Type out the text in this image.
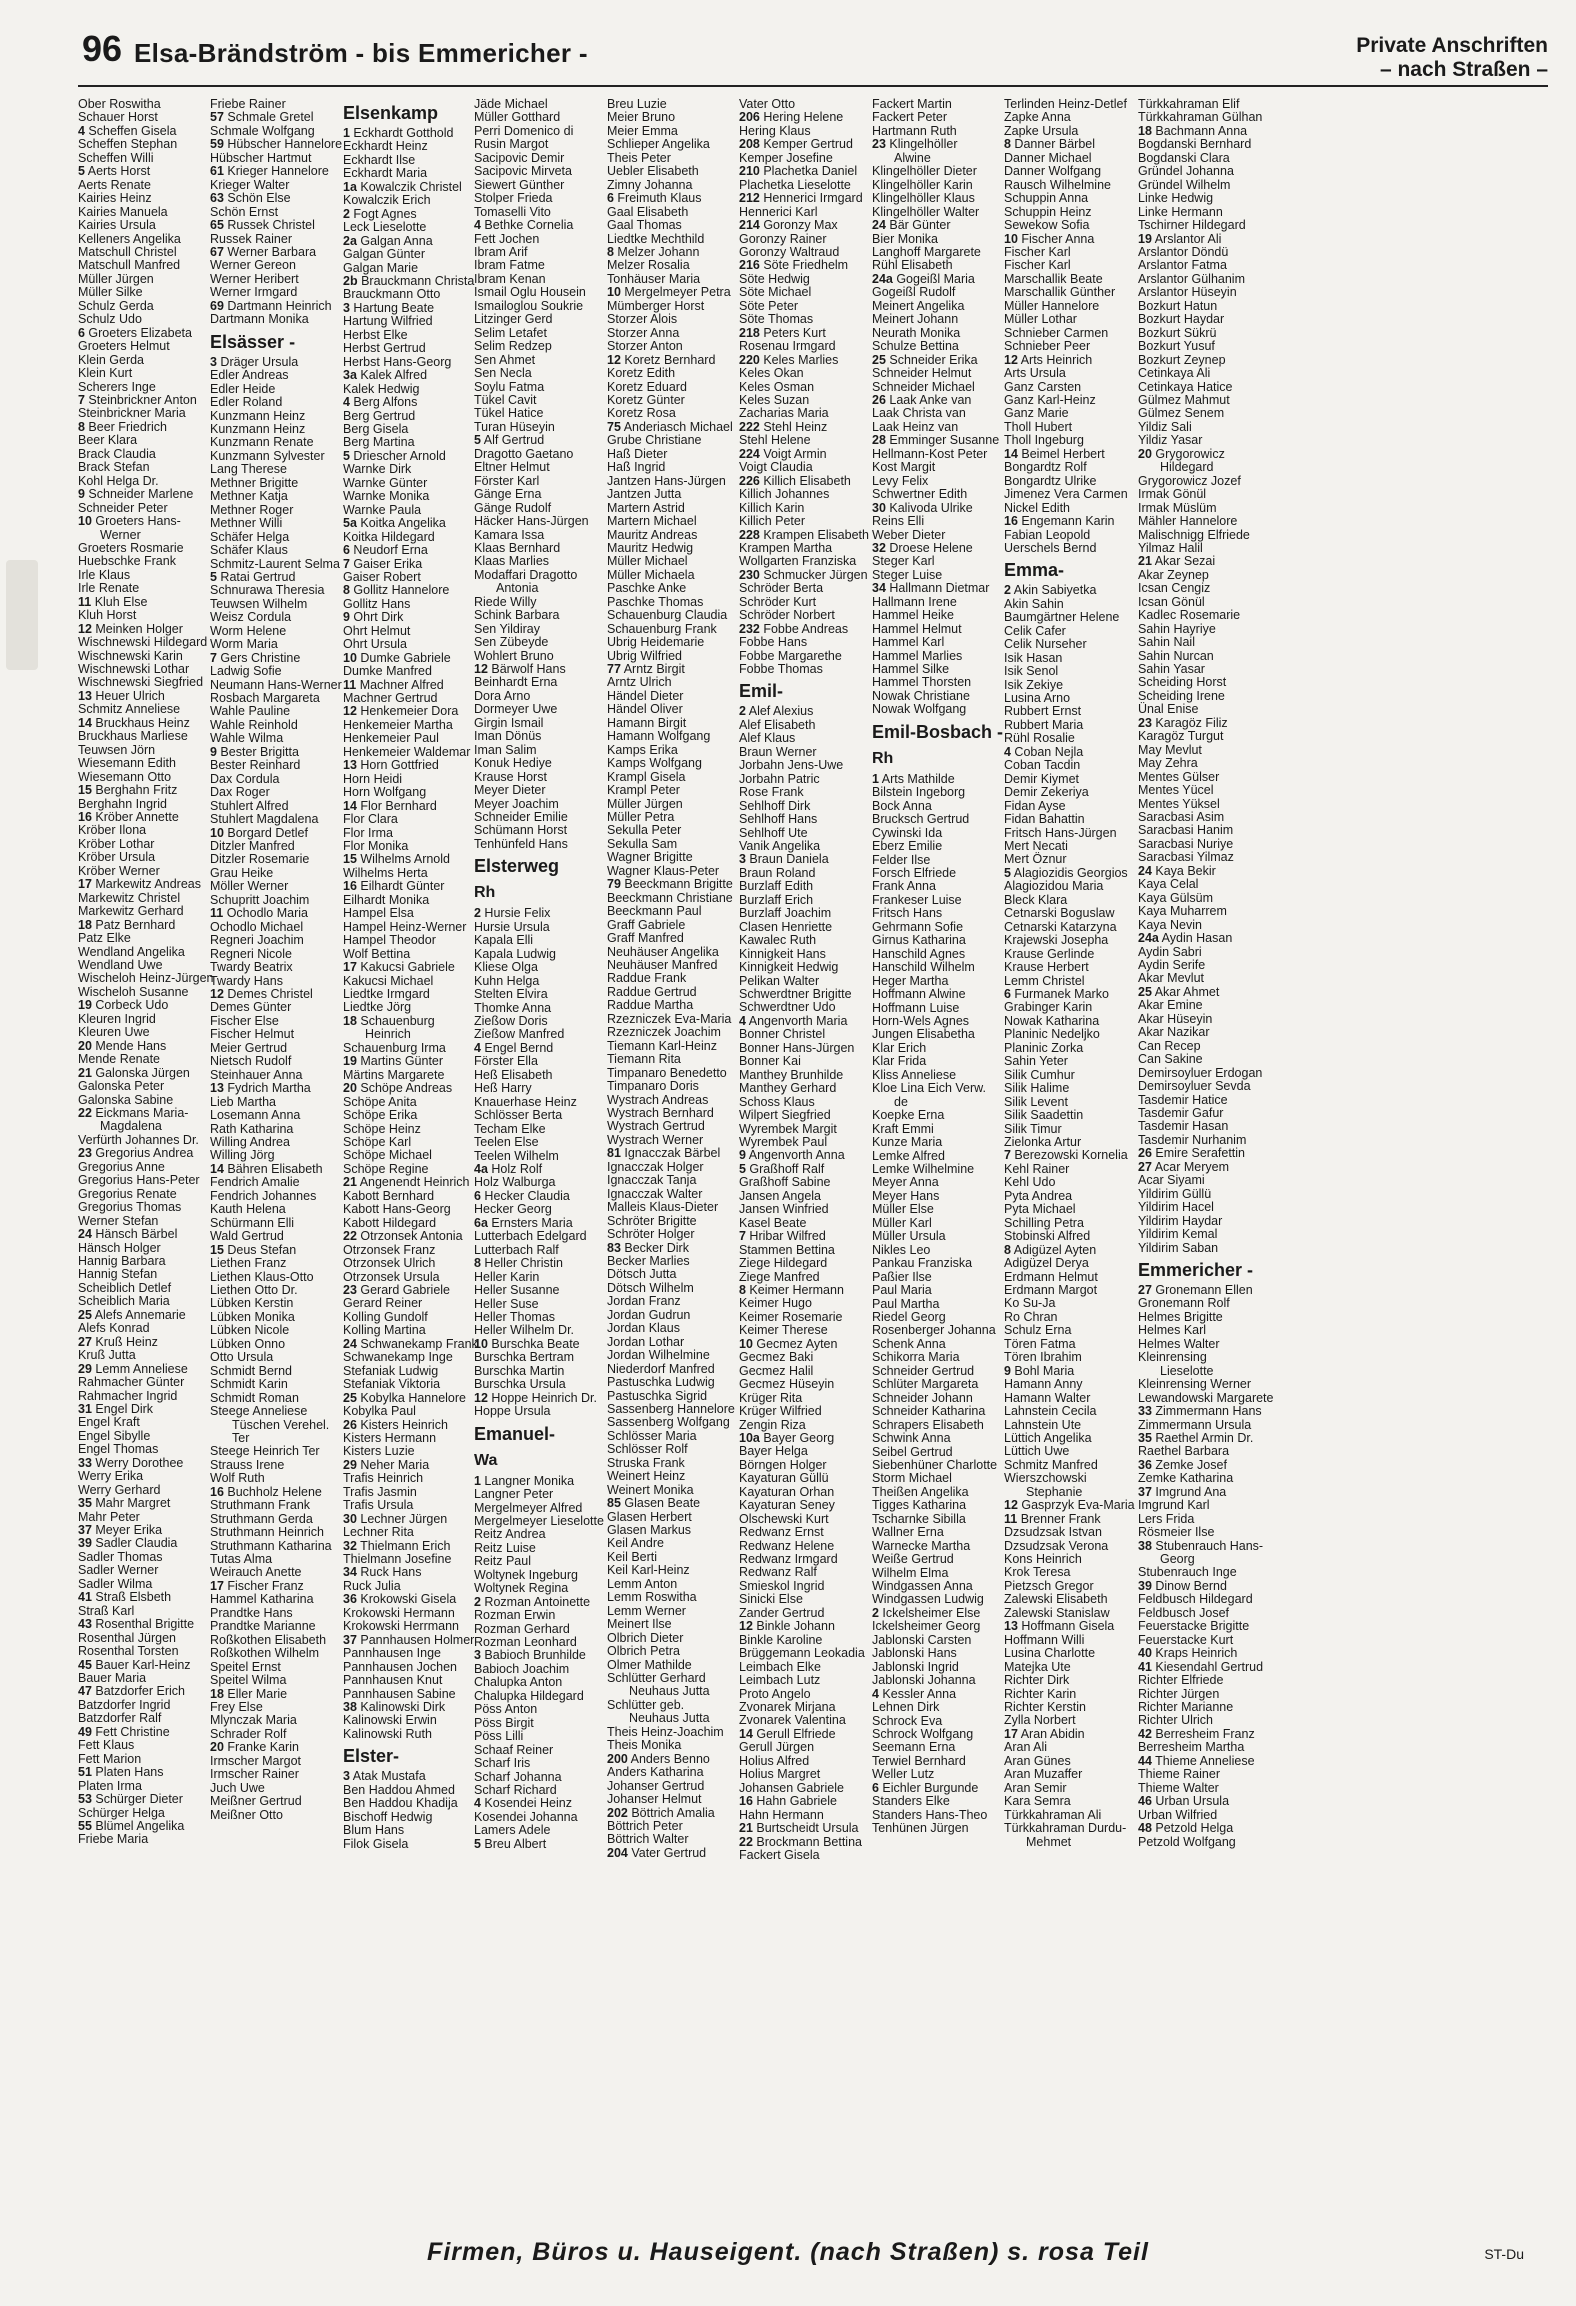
96 Elsa-Brändström - bis Emmericher -	Private Anschriften
– nach Straßen –
Ober Roswitha
Schauer Horst
4 Scheffen Gisela
Scheffen Stephan
Scheffen Willi
5 Aerts Horst
Aerts Renate
Kairies Heinz
Kairies Manuela
Kairies Ursula
Kelleners Angelika
Matschull Christel
Matschull Manfred
Müller Jürgen
Müller Silke
Schulz Gerda
Schulz Udo
6 Groeters Elizabeta
Groeters Helmut
Klein Gerda
Klein Kurt
Scherers Inge
7 Steinbrickner Anton
Steinbrickner Maria
8 Beer Friedrich
Beer Klara
Brack Claudia
Brack Stefan
Kohl Helga Dr.
9 Schneider Marlene
Schneider Peter
10 Groeters Hans-
Werner
Groeters Rosmarie
Huebschke Frank
Irle Klaus
Irle Renate
11 Kluh Else
Kluh Horst
12 Meinken Holger
Wischnewski Hildegard
Wischnewski Karin
Wischnewski Lothar
Wischnewski Siegfried
13 Heuer Ulrich
Schmitz Anneliese
14 Bruckhaus Heinz
Bruckhaus Marliese
Teuwsen Jörn
Wiesemann Edith
Wiesemann Otto
15 Berghahn Fritz
Berghahn Ingrid
16 Kröber Annette
Kröber Ilona
Kröber Lothar
Kröber Ursula
Kröber Werner
17 Markewitz Andreas
Markewitz Christel
Markewitz Gerhard
18 Patz Bernhard
Patz Elke
Wendland Angelika
Wendland Uwe
Wischeloh Heinz-Jürgen
Wischeloh Susanne
19 Corbeck Udo
Kleuren Ingrid
Kleuren Uwe
20 Mende Hans
Mende Renate
21 Galonska Jürgen
Galonska Peter
Galonska Sabine
22 Eickmans Maria-
Magdalena
Verfürth Johannes Dr.
23 Gregorius Andrea
Gregorius Anne
Gregorius Hans-Peter
Gregorius Renate
Gregorius Thomas
Werner Stefan
24 Hänsch Bärbel
Hänsch Holger
Hannig Barbara
Hannig Stefan
Scheiblich Detlef
Scheiblich Maria
25 Alefs Annemarie
Alefs Konrad
27 Kruß Heinz
Kruß Jutta
29 Lemm Anneliese
Rahmacher Günter
Rahmacher Ingrid
31 Engel Dirk
Engel Kraft
Engel Sibylle
Engel Thomas
33 Werry Dorothee
Werry Erika
Werry Gerhard
35 Mahr Margret
Mahr Peter
37 Meyer Erika
39 Sadler Claudia
Sadler Thomas
Sadler Werner
Sadler Wilma
41 Straß Elsbeth
Straß Karl
43 Rosenthal Brigitte
Rosenthal Jürgen
Rosenthal Torsten
45 Bauer Karl-Heinz
Bauer Maria
47 Batzdorfer Erich
Batzdorfer Ingrid
Batzdorfer Ralf
49 Fett Christine
Fett Klaus
Fett Marion
51 Platen Hans
Platen Irma
53 Schürger Dieter
Schürger Helga
55 Blümel Angelika
Friebe Maria
Friebe Rainer
57 Schmale Gretel
Schmale Wolfgang
59 Hübscher Hannelore
Hübscher Hartmut
61 Krieger Hannelore
Krieger Walter
63 Schön Else
Schön Ernst
65 Russek Christel
Russek Rainer
67 Werner Barbara
Werner Gereon
Werner Heribert
Werner Irmgard
69 Dartmann Heinrich
Dartmann Monika
Elsässer -
3 Dräger Ursula
Edler Andreas
Edler Heide
Edler Roland
Kunzmann Heinz
Kunzmann Heinz
Kunzmann Renate
Kunzmann Sylvester
Lang Therese
Methner Brigitte
Methner Katja
Methner Roger
Methner Willi
Schäfer Helga
Schäfer Klaus
Schmitz-Laurent Selma
5 Ratai Gertrud
Schnurawa Theresia
Teuwsen Wilhelm
Weisz Cordula
Worm Helene
Worm Maria
7 Gers Christine
Ladwig Sofie
Neumann Hans-Werner
Rosbach Margareta
Wahle Pauline
Wahle Reinhold
Wahle Wilma
9 Bester Brigitta
Bester Reinhard
Dax Cordula
Dax Roger
Stuhlert Alfred
Stuhlert Magdalena
10 Borgard Detlef
Ditzler Manfred
Ditzler Rosemarie
Grau Heike
Möller Werner
Schupritt Joachim
11 Ochodlo Maria
Ochodlo Michael
Regneri Joachim
Regneri Nicole
Twardy Beatrix
Twardy Hans
12 Demes Christel
Demes Günter
Fischer Else
Fischer Helmut
Meier Gertrud
Nietsch Rudolf
Steinhauer Anna
13 Fydrich Martha
Lieb Martha
Losemann Anna
Rath Katharina
Willing Andrea
Willing Jörg
14 Bähren Elisabeth
Fendrich Amalie
Fendrich Johannes
Kauth Helena
Schürmann Elli
Wald Gertrud
15 Deus Stefan
Liethen Franz
Liethen Klaus-Otto
Liethen Otto Dr.
Lübken Kerstin
Lübken Monika
Lübken Nicole
Lübken Onno
Otto Ursula
Schmidt Bernd
Schmidt Karin
Schmidt Roman
Steege Anneliese
Tüschen Verehel.
Ter
Steege Heinrich Ter
Strauss Irene
Wolf Ruth
16 Buchholz Helene
Struthmann Frank
Struthmann Gerda
Struthmann Heinrich
Struthmann Katharina
Tutas Alma
Weirauch Anette
17 Fischer Franz
Hammel Katharina
Prandtke Hans
Prandtke Marianne
Roßkothen Elisabeth
Roßkothen Wilhelm
Speitel Ernst
Speitel Wilma
18 Eller Marie
Frey Else
Mlynczak Maria
Schrader Rolf
20 Franke Karin
Irmscher Margot
Irmscher Rainer
Juch Uwe
Meißner Gertrud
Meißner Otto
Elsenkamp
1 Eckhardt Gotthold
Eckhardt Heinz
Eckhardt Ilse
Eckhardt Maria
1a Kowalczik Christel
Kowalczik Erich
2 Fogt Agnes
Leck Lieselotte
2a Galgan Anna
Galgan Günter
Galgan Marie
2b Brauckmann Christa
Brauckmann Otto
3 Hartung Beate
Hartung Wilfried
Herbst Elke
Herbst Gertrud
Herbst Hans-Georg
3a Kalek Alfred
Kalek Hedwig
4 Berg Alfons
Berg Gertrud
Berg Gisela
Berg Martina
5 Driescher Arnold
Warnke Dirk
Warnke Günter
Warnke Monika
Warnke Paula
5a Koitka Angelika
Koitka Hildegard
6 Neudorf Erna
7 Gaiser Erika
Gaiser Robert
8 Gollitz Hannelore
Gollitz Hans
9 Ohrt Dirk
Ohrt Helmut
Ohrt Ursula
10 Dumke Gabriele
Dumke Manfred
11 Machner Alfred
Machner Gertrud
12 Henkemeier Dora
Henkemeier Martha
Henkemeier Paul
Henkemeier Waldemar
13 Horn Gottfried
Horn Heidi
Horn Wolfgang
14 Flor Bernhard
Flor Clara
Flor Irma
Flor Monika
15 Wilhelms Arnold
Wilhelms Herta
16 Eilhardt Günter
Eilhardt Monika
Hampel Elsa
Hampel Heinz-Werner
Hampel Theodor
Wolf Bettina
17 Kakucsi Gabriele
Kakucsi Michael
Liedtke Irmgard
Liedtke Jörg
18 Schauenburg
Heinrich
Schauenburg Irma
19 Martins Günter
Märtins Margarete
20 Schöpe Andreas
Schöpe Anita
Schöpe Erika
Schöpe Heinz
Schöpe Karl
Schöpe Michael
Schöpe Regine
21 Angenendt Heinrich
Kabott Bernhard
Kabott Hans-Georg
Kabott Hildegard
22 Otrzonsek Antonia
Otrzonsek Franz
Otrzonsek Ulrich
Otrzonsek Ursula
23 Gerard Gabriele
Gerard Reiner
Kolling Gundolf
Kolling Martina
24 Schwanekamp Frank
Schwanekamp Inge
Stefaniak Ludwig
Stefaniak Viktoria
25 Kobylka Hannelore
Kobylka Paul
26 Kisters Heinrich
Kisters Hermann
Kisters Luzie
29 Neher Maria
Trafis Heinrich
Trafis Jasmin
Trafis Ursula
30 Lechner Jürgen
Lechner Rita
32 Thielmann Erich
Thielmann Josefine
34 Ruck Hans
Ruck Julia
36 Krokowski Gisela
Krokowski Hermann
Krokowski Herrmann
37 Pannhausen Holmer
Pannhausen Inge
Pannhausen Jochen
Pannhausen Knut
Pannhausen Sabine
38 Kalinowski Dirk
Kalinowski Erwin
Kalinowski Ruth
Elster-
3 Atak Mustafa
Ben Haddou Ahmed
Ben Haddou Khadija
Bischoff Hedwig
Blum Hans
Filok Gisela
Jäde Michael
Müller Gotthard
Perri Domenico di
Rusin Margot
Sacipovic Demir
Sacipovic Mirveta
Siewert Günther
Stolper Frieda
Tomaselli Vito
4 Bethke Cornelia
Fett Jochen
Ibram Arif
Ibram Fatme
Ibram Kenan
Ismail Oglu Housein
Ismailoglou Soukrie
Litzinger Gerd
Selim Letafet
Selim Redzep
Sen Ahmet
Sen Necla
Soylu Fatma
Tükel Cavit
Tükel Hatice
Turan Hüseyin
5 Alf Gertrud
Dragotto Gaetano
Eltner Helmut
Förster Karl
Gänge Erna
Gänge Rudolf
Häcker Hans-Jürgen
Kamara Issa
Klaas Bernhard
Klaas Marlies
Modaffari Dragotto
Antonia
Riede Willy
Schink Barbara
Sen Yildiray
Sen Zübeyde
Wohlert Bruno
12 Bärwolf Hans
Beinhardt Erna
Dora Arno
Dormeyer Uwe
Girgin Ismail
Iman Dönüs
Iman Salim
Konuk Hediye
Krause Horst
Meyer Dieter
Meyer Joachim
Schneider Emilie
Schümann Horst
Tenhünfeld Hans
Elsterweg
Rh
2 Hursie Felix
Hursie Ursula
Kapala Elli
Kapala Ludwig
Kliese Olga
Kuhn Helga
Stelten Elvira
Thomke Anna
Zießow Doris
Zießow Manfred
4 Engel Bernd
Förster Ella
Heß Elisabeth
Heß Harry
Knauerhase Heinz
Schlösser Berta
Techam Elke
Teelen Else
Teelen Wilhelm
4a Holz Rolf
Holz Walburga
6 Hecker Claudia
Hecker Georg
6a Ernsters Maria
Lutterbach Edelgard
Lutterbach Ralf
8 Heller Christin
Heller Karin
Heller Susanne
Heller Suse
Heller Thomas
Heller Wilhelm Dr.
10 Burschka Beate
Burschka Bertram
Burschka Martin
Burschka Ursula
12 Hoppe Heinrich Dr.
Hoppe Ursula
Emanuel-
Wa
1 Langner Monika
Langner Peter
Mergelmeyer Alfred
Mergelmeyer Lieselotte
Reitz Andrea
Reitz Luise
Reitz Paul
Woltynek Ingeburg
Woltynek Regina
2 Rozman Antoinette
Rozman Erwin
Rozman Gerhard
Rozman Leonhard
3 Babioch Brunhilde
Babioch Joachim
Chalupka Anton
Chalupka Hildegard
Pöss Anton
Pöss Birgit
Pöss Lilli
Schaaf Reiner
Scharf Iris
Scharf Johanna
Scharf Richard
4 Kosendei Heinz
Kosendei Johanna
Lamers Adele
5 Breu Albert
Breu Luzie
Meier Bruno
Meier Emma
Schlieper Angelika
Theis Peter
Uebler Elisabeth
Zimny Johanna
6 Freimuth Klaus
Gaal Elisabeth
Gaal Thomas
Liedtke Mechthild
8 Melzer Johann
Melzer Rosalia
Tonhäuser Maria
10 Mergelmeyer Petra
Mümberger Horst
Storzer Alois
Storzer Anna
Storzer Anton
12 Koretz Bernhard
Koretz Edith
Koretz Eduard
Koretz Günter
Koretz Rosa
75 Anderiasch Michael
Grube Christiane
Haß Dieter
Haß Ingrid
Jantzen Hans-Jürgen
Jantzen Jutta
Martern Astrid
Martern Michael
Mauritz Andreas
Mauritz Hedwig
Müller Michael
Müller Michaela
Paschke Anke
Paschke Thomas
Schauenburg Claudia
Schauenburg Frank
Ubrig Heidemarie
Ubrig Wilfried
77 Arntz Birgit
Arntz Ulrich
Händel Dieter
Händel Oliver
Hamann Birgit
Hamann Wolfgang
Kamps Erika
Kamps Wolfgang
Krampl Gisela
Krampl Peter
Müller Jürgen
Müller Petra
Sekulla Peter
Sekulla Sam
Wagner Brigitte
Wagner Klaus-Peter
79 Beeckmann Brigitte
Beeckmann Christiane
Beeckmann Paul
Graff Gabriele
Graff Manfred
Neuhäuser Angelika
Neuhäuser Manfred
Raddue Frank
Raddue Gertrud
Raddue Martha
Rzezniczek Eva-Maria
Rzezniczek Joachim
Tiemann Karl-Heinz
Tiemann Rita
Timpanaro Benedetto
Timpanaro Doris
Wystrach Andreas
Wystrach Bernhard
Wystrach Gertrud
Wystrach Werner
81 Ignacczak Bärbel
Ignacczak Holger
Ignacczak Tanja
Ignacczak Walter
Malleis Klaus-Dieter
Schröter Brigitte
Schröter Holger
83 Becker Dirk
Becker Marlies
Dötsch Jutta
Dötsch Wilhelm
Jordan Franz
Jordan Gudrun
Jordan Klaus
Jordan Lothar
Jordan Wilhelmine
Niederdorf Manfred
Pastuschka Ludwig
Pastuschka Sigrid
Sassenberg Hannelore
Sassenberg Wolfgang
Schlösser Maria
Schlösser Rolf
Struska Frank
Weinert Heinz
Weinert Monika
85 Glasen Beate
Glasen Herbert
Glasen Markus
Keil Andre
Keil Berti
Keil Karl-Heinz
Lemm Anton
Lemm Roswitha
Lemm Werner
Meinert Ilse
Olbrich Dieter
Olbrich Petra
Olmer Mathilde
Schlütter Gerhard
Neuhaus Jutta
Schlütter geb.
Neuhaus Jutta
Theis Heinz-Joachim
Theis Monika
200 Anders Benno
Anders Katharina
Johanser Gertrud
Johanser Helmut
202 Böttrich Amalia
Böttrich Peter
Böttrich Walter
204 Vater Gertrud
Vater Otto
206 Hering Helene
Hering Klaus
208 Kemper Gertrud
Kemper Josefine
210 Plachetka Daniel
Plachetka Lieselotte
212 Hennerici Irmgard
Hennerici Karl
214 Goronzy Max
Goronzy Rainer
Goronzy Waltraud
216 Söte Friedhelm
Söte Hedwig
Söte Michael
Söte Peter
Söte Thomas
218 Peters Kurt
Rosenau Irmgard
220 Keles Marlies
Keles Okan
Keles Osman
Keles Suzan
Zacharias Maria
222 Stehl Heinz
Stehl Helene
224 Voigt Armin
Voigt Claudia
226 Killich Elisabeth
Killich Johannes
Killich Karin
Killich Peter
228 Krampen Elisabeth
Krampen Martha
Wollgarten Franziska
230 Schmucker Jürgen
Schröder Berta
Schröder Kurt
Schröder Norbert
232 Fobbe Andreas
Fobbe Hans
Fobbe Margarethe
Fobbe Thomas
Emil-
2 Alef Alexius
Alef Elisabeth
Alef Klaus
Braun Werner
Jorbahn Jens-Uwe
Jorbahn Patric
Rose Frank
Sehlhoff Dirk
Sehlhoff Hans
Sehlhoff Ute
Vanik Angelika
3 Braun Daniela
Braun Roland
Burzlaff Edith
Burzlaff Erich
Burzlaff Joachim
Clasen Henriette
Kawalec Ruth
Kinnigkeit Hans
Kinnigkeit Hedwig
Pelikan Walter
Schwerdtner Brigitte
Schwerdtner Udo
4 Angenvorth Maria
Bonner Christel
Bonner Hans-Jürgen
Bonner Kai
Manthey Brunhilde
Manthey Gerhard
Schoss Klaus
Wilpert Siegfried
Wyrembek Margit
Wyrembek Paul
9 Angenvorth Anna
5 Graßhoff Ralf
Graßhoff Sabine
Jansen Angela
Jansen Winfried
Kasel Beate
7 Hribar Wilfred
Stammen Bettina
Ziege Hildegard
Ziege Manfred
8 Keimer Hermann
Keimer Hugo
Keimer Rosemarie
Keimer Therese
10 Gecmez Ayten
Gecmez Baki
Gecmez Halil
Gecmez Hüseyin
Krüger Rita
Krüger Wilfried
Zengin Riza
10a Bayer Georg
Bayer Helga
Börngen Holger
Kayaturan Güllü
Kayaturan Orhan
Kayaturan Seney
Olschewski Kurt
Redwanz Ernst
Redwanz Helene
Redwanz Irmgard
Redwanz Ralf
Smieskol Ingrid
Sinicki Else
Zander Gertrud
12 Binkle Johann
Binkle Karoline
Brüggemann Leokadia
Leimbach Elke
Leimbach Lutz
Proto Angelo
Zvonarek Mirjana
Zvonarek Valentina
14 Gerull Elfriede
Gerull Jürgen
Holius Alfred
Holius Margret
Johansen Gabriele
16 Hahn Gabriele
Hahn Hermann
21 Burtscheidt Ursula
22 Brockmann Bettina
Fackert Gisela
Fackert Martin
Fackert Peter
Hartmann Ruth
23 Klingelhöller
Alwine
Klingelhöller Dieter
Klingelhöller Karin
Klingelhöller Klaus
Klingelhöller Walter
24 Bär Günter
Bier Monika
Langhoff Margarete
Rühl Elisabeth
24a Gogeißl Maria
Gogeißl Rudolf
Meinert Angelika
Meinert Johann
Neurath Monika
Schulze Bettina
25 Schneider Erika
Schneider Helmut
Schneider Michael
26 Laak Anke van
Laak Christa van
Laak Heinz van
28 Emminger Susanne
Hellmann-Kost Peter
Kost Margit
Levy Felix
Schwertner Edith
30 Kalivoda Ulrike
Reins Elli
Weber Dieter
32 Droese Helene
Steger Karl
Steger Luise
34 Hallmann Dietmar
Hallmann Irene
Hammel Heike
Hammel Helmut
Hammel Karl
Hammel Marlies
Hammel Silke
Hammel Thorsten
Nowak Christiane
Nowak Wolfgang
Emil-Bosbach -
Rh
1 Arts Mathilde
Bilstein Ingeborg
Bock Anna
Brucksch Gertrud
Cywinski Ida
Eberz Emilie
Felder Ilse
Forsch Elfriede
Frank Anna
Frankeser Luise
Fritsch Hans
Gehrmann Sofie
Girnus Katharina
Hanschild Agnes
Hanschild Wilhelm
Heger Martha
Hoffmann Alwine
Hoffmann Luise
Horn-Wels Agnes
Jungen Elisabetha
Klar Erich
Klar Frida
Kliss Anneliese
Kloe Lina Eich Verw.
de
Koepke Erna
Kraft Emmi
Kunze Maria
Lemke Alfred
Lemke Wilhelmine
Meyer Anna
Meyer Hans
Müller Else
Müller Karl
Müller Ursula
Nikles Leo
Pankau Franziska
Paßier Ilse
Paul Maria
Paul Martha
Riedel Georg
Rosenberger Johanna
Schenk Anna
Schikorra Maria
Schneider Gertrud
Schlüter Margareta
Schneider Johann
Schneider Katharina
Schrapers Elisabeth
Schwink Anna
Seibel Gertrud
Siebenhüner Charlotte
Storm Michael
Theißen Angelika
Tigges Katharina
Tscharnke Sibilla
Wallner Erna
Warnecke Martha
Weiße Gertrud
Wilhelm Elma
Windgassen Anna
Windgassen Ludwig
2 Ickelsheimer Else
Ickelsheimer Georg
Jablonski Carsten
Jablonski Hans
Jablonski Ingrid
Jablonski Johanna
4 Kessler Anna
Lehnen Dirk
Schrock Eva
Schrock Wolfgang
Seemann Erna
Terwiel Bernhard
Weller Lutz
6 Eichler Burgunde
Standers Elke
Standers Hans-Theo
Tenhünen Jürgen
Terlinden Heinz-Detlef
Zapke Anna
Zapke Ursula
8 Danner Bärbel
Danner Michael
Danner Wolfgang
Rausch Wilhelmine
Schuppin Anna
Schuppin Heinz
Sewekow Sofia
10 Fischer Anna
Fischer Karl
Fischer Karl
Marschallik Beate
Marschallik Günther
Müller Hannelore
Müller Lothar
Schnieber Carmen
Schnieber Peer
12 Arts Heinrich
Arts Ursula
Ganz Carsten
Ganz Karl-Heinz
Ganz Marie
Tholl Hubert
Tholl Ingeburg
14 Beimel Herbert
Bongardtz Rolf
Bongardtz Ulrike
Jimenez Vera Carmen
Nickel Edith
16 Engemann Karin
Fabian Leopold
Uerschels Bernd
Emma-
2 Akin Sabiyetka
Akin Sahin
Baumgärtner Helene
Celik Cafer
Celik Nurseher
Isik Hasan
Isik Senol
Isik Zekiye
Lusina Arno
Rubbert Ernst
Rubbert Maria
Rühl Rosalie
4 Coban Nejla
Coban Tacdin
Demir Kiymet
Demir Zekeriya
Fidan Ayse
Fidan Bahattin
Fritsch Hans-Jürgen
Mert Necati
Mert Öznur
5 Alagiozidis Georgios
Alagiozidou Maria
Bleck Klara
Cetnarski Boguslaw
Cetnarski Katarzyna
Krajewski Josepha
Krause Gerlinde
Krause Herbert
Lemm Christel
6 Furmanek Marko
Grabinger Karin
Nowak Katharina
Planinic Nedeljko
Planinic Zorka
Sahin Yeter
Silik Cumhur
Silik Halime
Silik Levent
Silik Saadettin
Silik Timur
Zielonka Artur
7 Berezowski Kornelia
Kehl Rainer
Kehl Udo
Pyta Andrea
Pyta Michael
Schilling Petra
Stobinski Alfred
8 Adigüzel Ayten
Adigüzel Derya
Erdmann Helmut
Erdmann Margot
Ko Su-Ja
Ro Chran
Schulz Erna
Tören Fatma
Tören Ibrahim
9 Bohl Maria
Hamann Anny
Hamann Walter
Lahnstein Cecila
Lahnstein Ute
Lüttich Angelika
Lüttich Uwe
Schmitz Manfred
Wierszchowski
Stephanie
12 Gasprzyk Eva-Maria
11 Brenner Frank
Dzsudzsak Istvan
Dzsudzsak Verona
Kons Heinrich
Krok Teresa
Pietzsch Gregor
Zalewski Elisabeth
Zalewski Stanislaw
13 Hoffmann Gisela
Hoffmann Willi
Lusina Charlotte
Matejka Ute
Richter Dirk
Richter Karin
Richter Kerstin
Zylla Norbert
17 Aran Abidin
Aran Ali
Aran Günes
Aran Muzaffer
Aran Semir
Kara Semra
Türkkahraman Ali
Türkkahraman Durdu-
Mehmet
Türkkahraman Elif
Türkkahraman Gülhan
18 Bachmann Anna
Bogdanski Bernhard
Bogdanski Clara
Gründel Johanna
Gründel Wilhelm
Linke Hedwig
Linke Hermann
Tschirner Hildegard
19 Arslantor Ali
Arslantor Döndü
Arslantor Fatma
Arslantor Gülhanim
Arslantor Hüseyin
Bozkurt Hatun
Bozkurt Haydar
Bozkurt Sükrü
Bozkurt Yusuf
Bozkurt Zeynep
Cetinkaya Ali
Cetinkaya Hatice
Gülmez Mahmut
Gülmez Senem
Yildiz Sali
Yildiz Yasar
20 Grygorowicz
Hildegard
Grygorowicz Jozef
Irmak Gönül
Irmak Müslüm
Mähler Hannelore
Malischnigg Elfriede
Yilmaz Halil
21 Akar Sezai
Akar Zeynep
Icsan Cengiz
Icsan Gönül
Kadlec Rosemarie
Sahin Hayriye
Sahin Nail
Sahin Nurcan
Sahin Yasar
Scheiding Horst
Scheiding Irene
Ünal Enise
23 Karagöz Filiz
Karagöz Turgut
May Mevlut
May Zehra
Mentes Gülser
Mentes Yücel
Mentes Yüksel
Saracbasi Asim
Saracbasi Hanim
Saracbasi Nuriye
Saracbasi Yilmaz
24 Kaya Bekir
Kaya Celal
Kaya Gülsüm
Kaya Muharrem
Kaya Nevin
24a Aydin Hasan
Aydin Sabri
Aydin Serife
Akar Mevlut
25 Akar Ahmet
Akar Emine
Akar Hüseyin
Akar Nazikar
Can Recep
Can Sakine
Demirsoyluer Erdogan
Demirsoyluer Sevda
Tasdemir Hatice
Tasdemir Gafur
Tasdemir Hasan
Tasdemir Nurhanim
26 Emire Serafettin
27 Acar Meryem
Acar Siyami
Yildirim Güllü
Yildirim Hacel
Yildirim Haydar
Yildirim Kemal
Yildirim Saban
Emmericher -
27 Gronemann Ellen
Gronemann Rolf
Helmes Brigitte
Helmes Karl
Helmes Walter
Kleinrensing
Lieselotte
Kleinrensing Werner
Lewandowski Margarete
33 Zimmermann Hans
Zimmermann Ursula
35 Raethel Armin Dr.
Raethel Barbara
36 Zemke Josef
Zemke Katharina
37 Imgrund Ana
Imgrund Karl
Lers Frida
Rösmeier Ilse
38 Stubenrauch Hans-
Georg
Stubenrauch Inge
39 Dinow Bernd
Feldbusch Hildegard
Feldbusch Josef
Feuerstacke Brigitte
Feuerstacke Kurt
40 Kraps Heinrich
41 Kiesendahl Gertrud
Richter Elfriede
Richter Jürgen
Richter Marianne
Richter Ulrich
42 Berresheim Franz
Berresheim Martha
44 Thieme Anneliese
Thieme Rainer
Thieme Walter
46 Urban Ursula
Urban Wilfried
48 Petzold Helga
Petzold Wolfgang
Firmen, Büros u. Hauseigent. (nach Straßen) s. rosa Teil	ST-Du
